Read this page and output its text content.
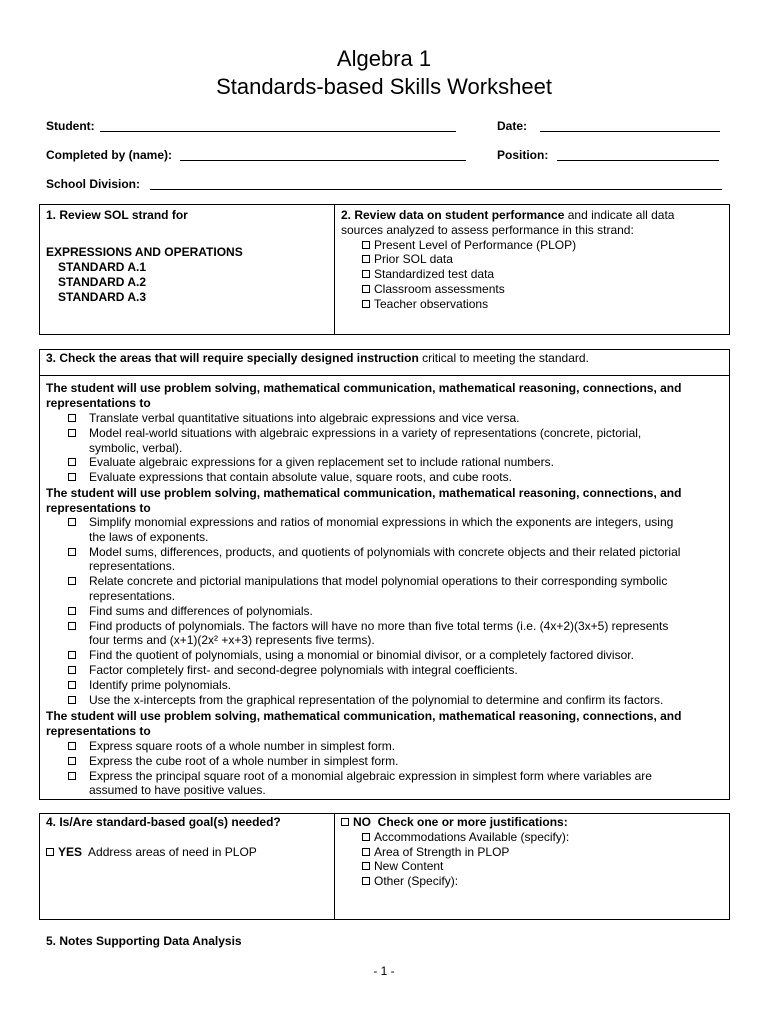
Algebra 1
Standards-based Skills Worksheet
Student:	Date:
Completed by (name):	Position:
School Division:
1. Review SOL strand for
EXPRESSIONS AND OPERATIONS
STANDARD A.1
STANDARD A.2
STANDARD A.3
2. Review data on student performance and indicate all data
sources analyzed to assess performance in this strand:
Present Level of Performance (PLOP)
Prior SOL data
Standardized test data
Classroom assessments
Teacher observations
3. Check the areas that will require specially designed instruction critical to meeting the standard.
The student will use problem solving, mathematical communication, mathematical reasoning, connections, and
representations to
Translate verbal quantitative situations into algebraic expressions and vice versa.
Model real-world situations with algebraic expressions in a variety of representations (concrete, pictorial,
symbolic, verbal).
Evaluate algebraic expressions for a given replacement set to include rational numbers.
Evaluate expressions that contain absolute value, square roots, and cube roots.
The student will use problem solving, mathematical communication, mathematical reasoning, connections, and
representations to
Simplify monomial expressions and ratios of monomial expressions in which the exponents are integers, using
the laws of exponents.
Model sums, differences, products, and quotients of polynomials with concrete objects and their related pictorial
representations.
Relate concrete and pictorial manipulations that model polynomial operations to their corresponding symbolic
representations.
Find sums and differences of polynomials.
Find products of polynomials. The factors will have no more than five total terms (i.e. (4x+2)(3x+5) represents
four terms and (x+1)(2x² +x+3) represents five terms).
Find the quotient of polynomials, using a monomial or binomial divisor, or a completely factored divisor.
Factor completely first- and second-degree polynomials with integral coefficients.
Identify prime polynomials.
Use the x-intercepts from the graphical representation of the polynomial to determine and confirm its factors.
The student will use problem solving, mathematical communication, mathematical reasoning, connections, and
representations to
Express square roots of a whole number in simplest form.
Express the cube root of a whole number in simplest form.
Express the principal square root of a monomial algebraic expression in simplest form where variables are
assumed to have positive values.
4. Is/Are standard-based goal(s) needed?
YES Address areas of need in PLOP
NO Check one or more justifications:
Accommodations Available (specify):
Area of Strength in PLOP
New Content
Other (Specify):
5. Notes Supporting Data Analysis
- 1 -
